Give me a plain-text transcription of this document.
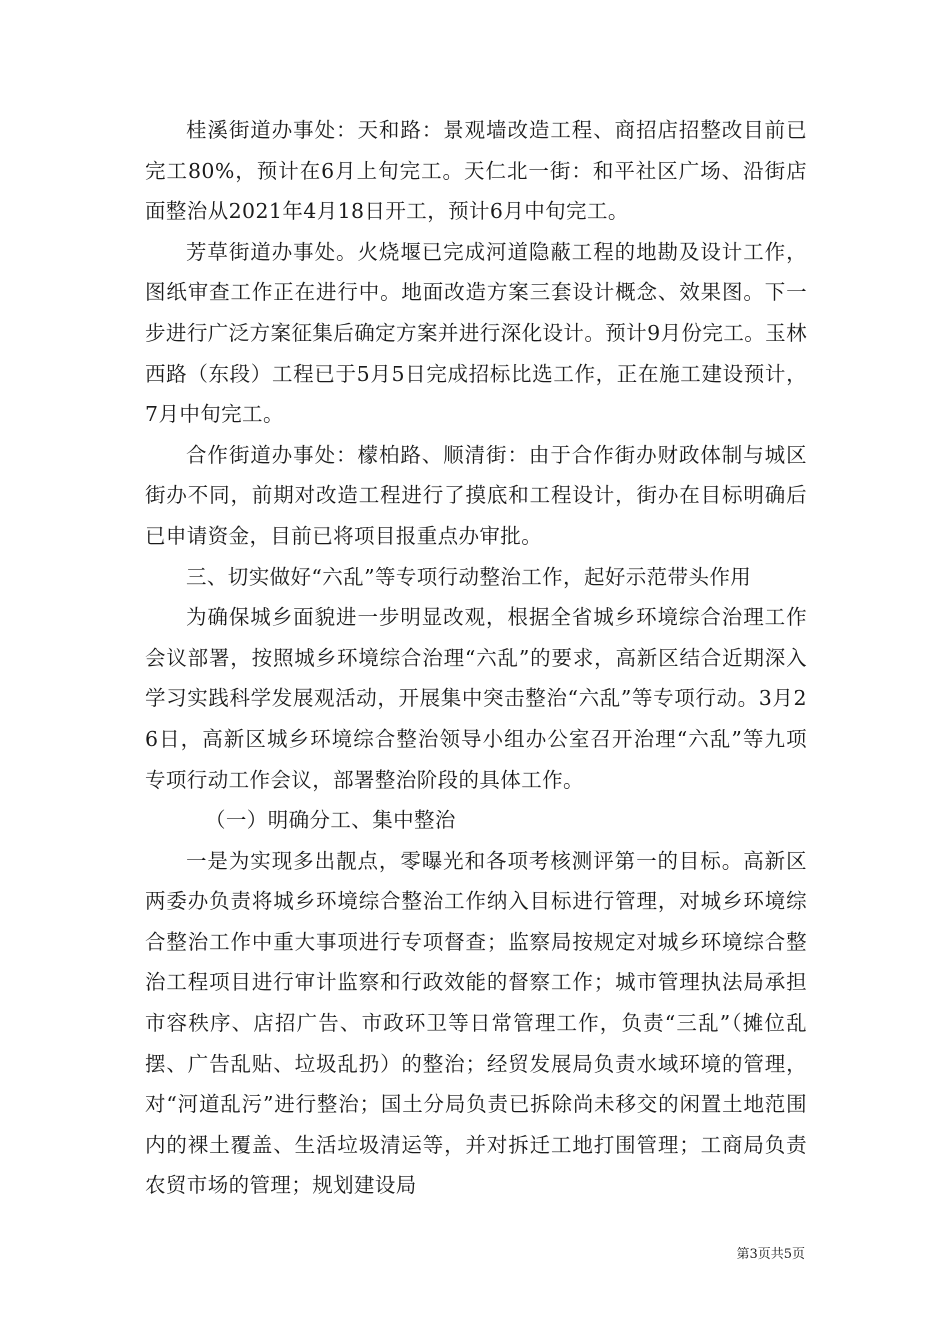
桂溪街道办事处：天和路：景观墙改造工程、商招店招整改目前已完工80%，预计在6月上旬完工。天仁北一街：和平社区广场、沿街店面整治从2021年4月18日开工，预计6月中旬完工。

芳草街道办事处。火烧堰已完成河道隐蔽工程的地勘及设计工作，图纸审查工作正在进行中。地面改造方案三套设计概念、效果图。下一步进行广泛方案征集后确定方案并进行深化设计。预计9月份完工。玉林西路（东段）工程已于5月5日完成招标比选工作，正在施工建设预计，7月中旬完工。

合作街道办事处：檬柏路、顺清街：由于合作街办财政体制与城区街办不同，前期对改造工程进行了摸底和工程设计，街办在目标明确后已申请资金，目前已将项目报重点办审批。

三、切实做好“六乱”等专项行动整治工作，起好示范带头作用

为确保城乡面貌进一步明显改观，根据全省城乡环境综合治理工作会议部署，按照城乡环境综合治理“六乱”的要求，高新区结合近期深入学习实践科学发展观活动，开展集中突击整治“六乱”等专项行动。3月26日，高新区城乡环境综合整治领导小组办公室召开治理“六乱”等九项专项行动工作会议，部署整治阶段的具体工作。

（一）明确分工、集中整治

一是为实现多出靓点，零曝光和各项考核测评第一的目标。高新区两委办负责将城乡环境综合整治工作纳入目标进行管理，对城乡环境综合整治工作中重大事项进行专项督查；监察局按规定对城乡环境综合整治工程项目进行审计监察和行政效能的督察工作；城市管理执法局承担市容秩序、店招广告、市政环卫等日常管理工作，负责“三乱”（摊位乱摆、广告乱贴、垃圾乱扔）的整治；经贸发展局负责水域环境的管理，对“河道乱污”进行整治；国土分局负责已拆除尚未移交的闲置土地范围内的裸土覆盖、生活垃圾清运等，并对拆迁工地打围管理；工商局负责农贸市场的管理；规划建设局

第3页共5页
